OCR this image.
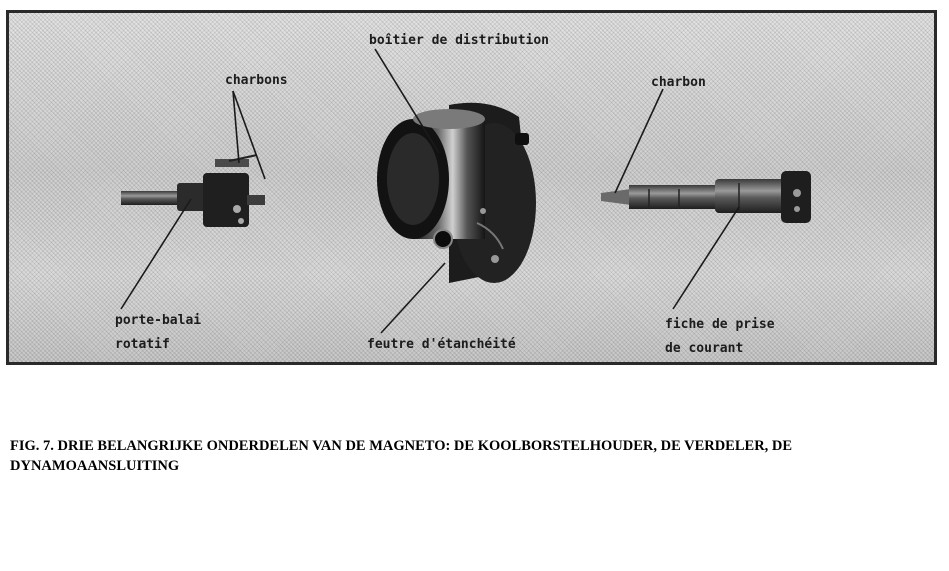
charbons
boîtier de distribution
charbon
porte-balai
rotatif	feutre d'étanchéité
fiche de prise
de courant

FIG. 7. DRIE BELANGRIJKE ONDERDELEN VAN DE MAGNETO: DE KOOLBORSTELHOUDER, DE VERDELER, DE DYNAMOAANSLUITING
